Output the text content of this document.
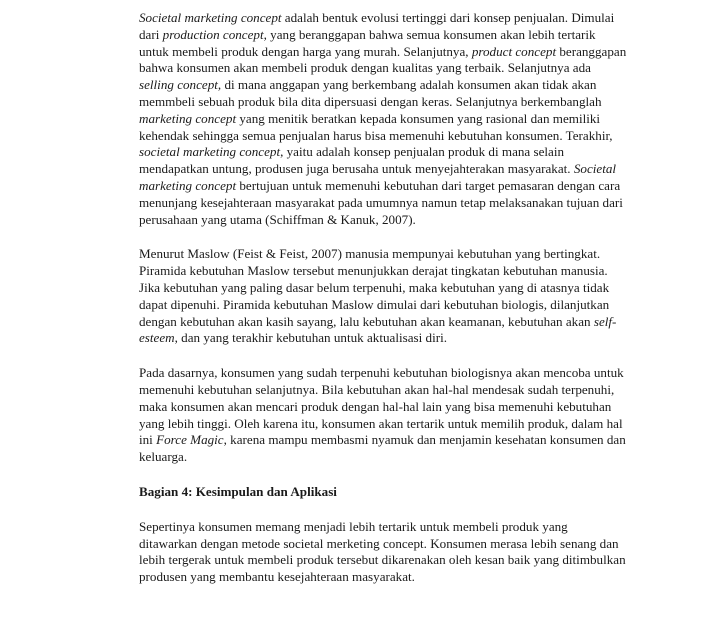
Societal marketing concept adalah bentuk evolusi tertinggi dari konsep penjualan. Dimulai dari production concept, yang beranggapan bahwa semua konsumen akan lebih tertarik untuk membeli produk dengan harga yang murah. Selanjutnya, product concept beranggapan bahwa konsumen akan membeli produk dengan kualitas yang terbaik. Selanjutnya ada selling concept, di mana anggapan yang berkembang adalah konsumen akan tidak akan memmbeli sebuah produk bila dita dipersuasi dengan keras. Selanjutnya berkembanglah marketing concept yang menitik beratkan kepada konsumen yang rasional dan memiliki kehendak sehingga semua penjualan harus bisa memenuhi kebutuhan konsumen. Terakhir, societal marketing concept, yaitu adalah konsep penjualan produk di mana selain mendapatkan untung, produsen juga berusaha untuk menyejahterakan masyarakat. Societal marketing concept bertujuan untuk memenuhi kebutuhan dari target pemasaran dengan cara menunjang kesejahteraan masyarakat pada umumnya namun tetap melaksanakan tujuan dari perusahaan yang utama (Schiffman & Kanuk, 2007).

Menurut Maslow (Feist & Feist, 2007) manusia mempunyai kebutuhan yang bertingkat. Piramida kebutuhan Maslow tersebut menunjukkan derajat tingkatan kebutuhan manusia. Jika kebutuhan yang paling dasar belum terpenuhi, maka kebutuhan yang di atasnya tidak dapat dipenuhi. Piramida kebutuhan Maslow dimulai dari kebutuhan biologis, dilanjutkan dengan kebutuhan akan kasih sayang, lalu kebutuhan akan keamanan, kebutuhan akan self-esteem, dan yang terakhir kebutuhan untuk aktualisasi diri.

Pada dasarnya, konsumen yang sudah terpenuhi kebutuhan biologisnya akan mencoba untuk memenuhi kebutuhan selanjutnya. Bila kebutuhan akan hal-hal mendesak sudah terpenuhi, maka konsumen akan mencari produk dengan hal-hal lain yang bisa memenuhi kebutuhan yang lebih tinggi. Oleh karena itu, konsumen akan tertarik untuk memilih produk, dalam hal ini Force Magic, karena mampu membasmi nyamuk dan menjamin kesehatan konsumen dan keluarga.

Bagian 4: Kesimpulan dan Aplikasi

Sepertinya konsumen memang menjadi lebih tertarik untuk membeli produk yang ditawarkan dengan metode societal merketing concept. Konsumen merasa lebih senang dan lebih tergerak untuk membeli produk tersebut dikarenakan oleh kesan baik yang ditimbulkan produsen yang membantu kesejahteraan masyarakat.
